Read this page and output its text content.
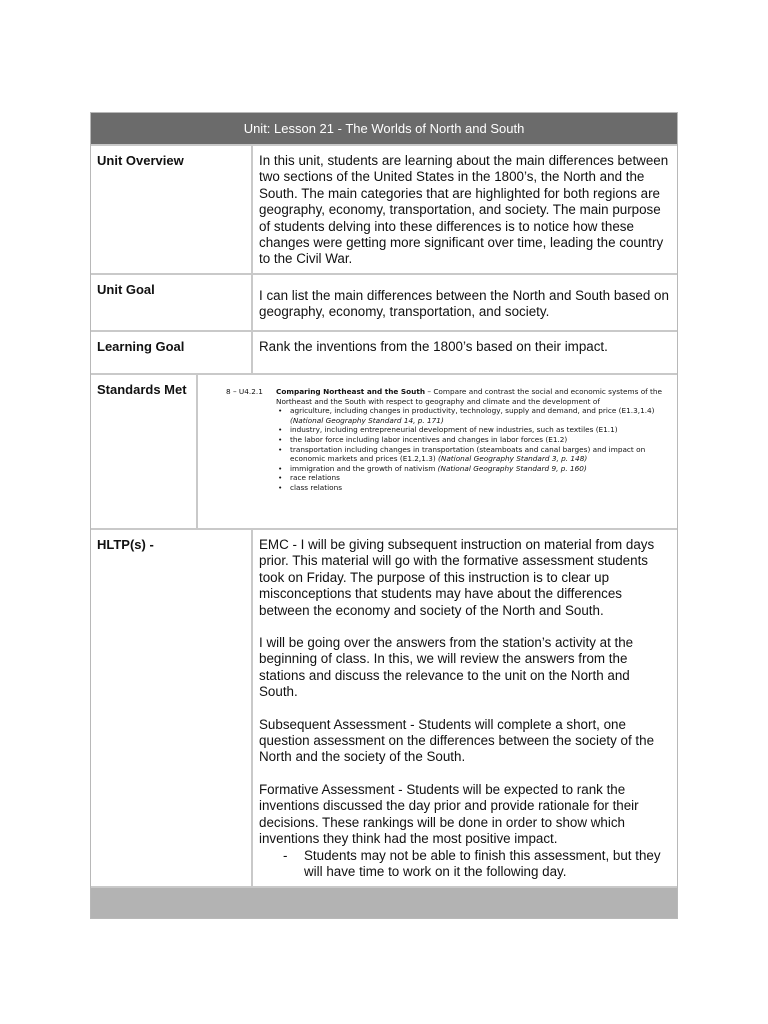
Unit: Lesson 21 - The Worlds of North and South
Unit Overview	In this unit, students are learning about the main differences between two sections of the United States in the 1800’s, the North and the South. The main categories that are highlighted for both regions are geography, economy, transportation, and society. The main purpose of students delving into these differences is to notice how these changes were getting more significant over time, leading the country to the Civil War.
Unit Goal	I can list the main differences between the North and South based on geography, economy, transportation, and society.
Learning Goal	Rank the inventions from the 1800’s based on their impact.
Standards Met	8 – U4.2.1	Comparing Northeast and the South – Compare and contrast the social and economic systems of the Northeast and the South with respect to geography and climate and the development of
• agriculture, including changes in productivity, technology, supply and demand, and price (E1.3,1.4) (National Geography Standard 14, p. 171)
• industry, including entrepreneurial development of new industries, such as textiles (E1.1)
• the labor force including labor incentives and changes in labor forces (E1.2)
• transportation including changes in transportation (steamboats and canal barges) and impact on economic markets and prices (E1.2,1.3) (National Geography Standard 3, p. 148)
• immigration and the growth of nativism (National Geography Standard 9, p. 160)
• race relations
• class relations
HLTP(s) -	EMC - I will be giving subsequent instruction on material from days prior. This material will go with the formative assessment students took on Friday. The purpose of this instruction is to clear up misconceptions that students may have about the differences between the economy and society of the North and South.

I will be going over the answers from the station’s activity at the beginning of class. In this, we will review the answers from the stations and discuss the relevance to the unit on the North and South.

Subsequent Assessment - Students will complete a short, one question assessment on the differences between the society of the North and the society of the South.

Formative Assessment - Students will be expected to rank the inventions discussed the day prior and provide rationale for their decisions. These rankings will be done in order to show which inventions they think had the most positive impact.

- Students may not be able to finish this assessment, but they will have time to work on it the following day.
